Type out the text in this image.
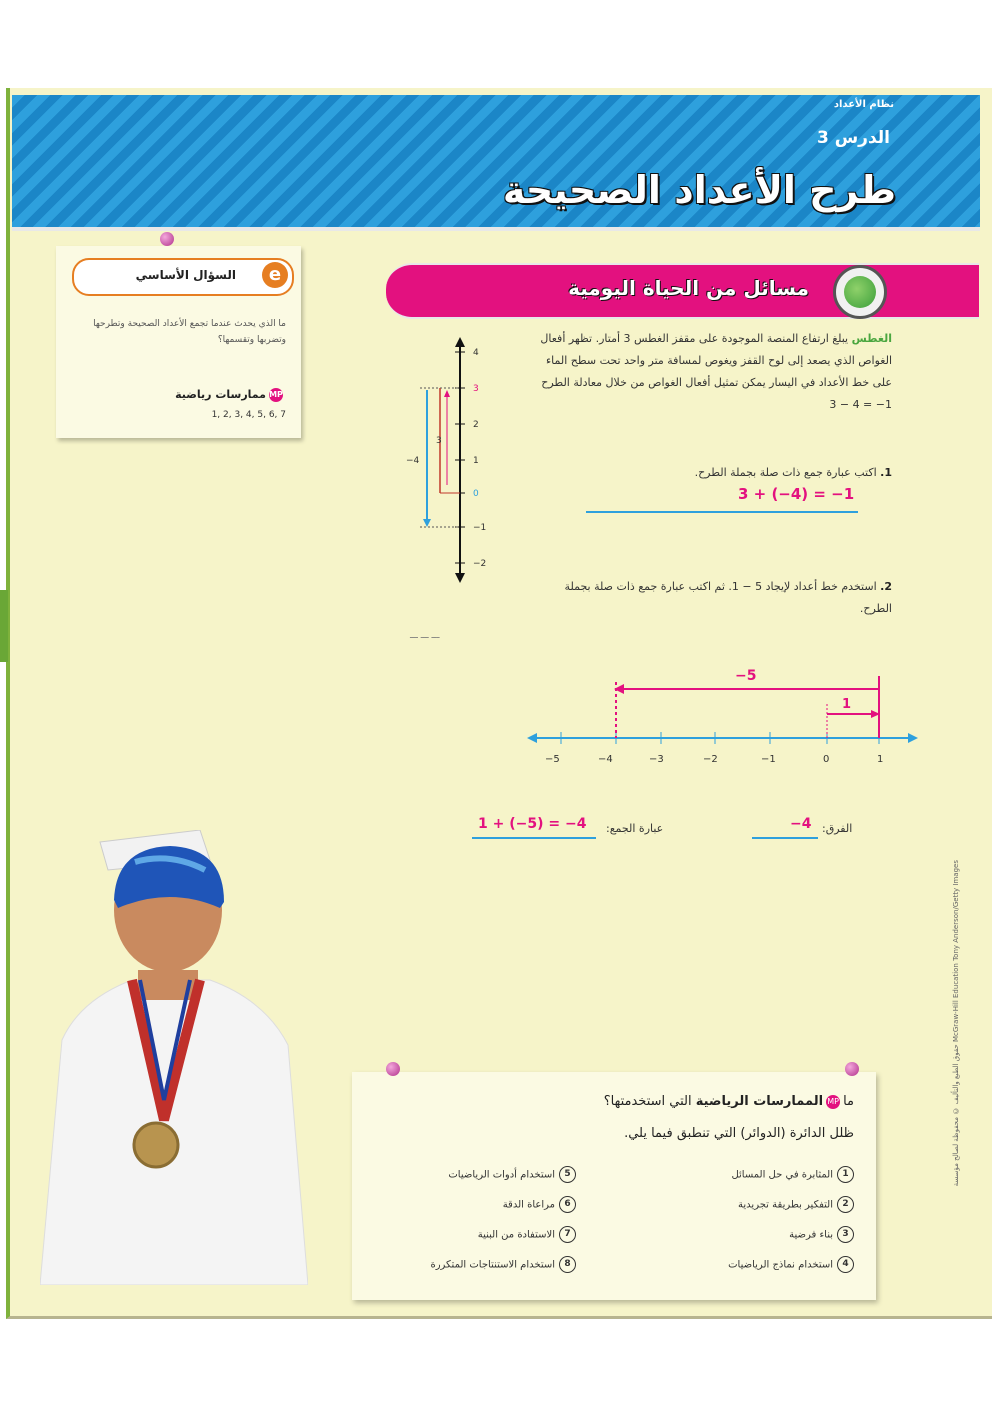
نظام الأعداد
الدرس 3
طرح الأعداد الصحيحة
e
السؤال الأساسي
ما الذي يحدث عندما تجمع الأعداد الصحيحة وتطرحها وتضربها وتقسمها؟
MPممارسات رياضية
1, 2, 3, 4, 5, 6, 7
مسائل من الحياة اليومية
الغطس يبلغ ارتفاع المنصة الموجودة على مقفز الغطس 3 أمتار. تظهر أفعال الغواص الذي يصعد إلى لوح القفز ويغوص لمسافة متر واحد تحت سطح الماء على خط الأعداد في اليسار يمكن تمثيل أفعال الغواص من خلال معادلة الطرح 1− = 4 − 3
4
3
2
1
0
−1
−2
3
−4
1. اكتب عبارة جمع ذات صلة بجملة الطرح.
3 + (−4) = −1
2. استخدم خط أعداد لإيجاد 5 − 1. ثم اكتب عبارة جمع ذات صلة بجملة الطرح.
ـــ ـــ ـــ
−5	−4	−3	−2	−1	0	1
−5
1
الفرق:
−4
عبارة الجمع:
1 + (−5) = −4
ماMPالممارسات الرياضية التي استخدمتها؟
ظلل الدائرة (الدوائر) التي تنطبق فيما يلي.
1المثابرة في حل المسائل
2التفكير بطريقة تجريدية
3بناء فرضية
4استخدام نماذج الرياضيات
5استخدام أدوات الرياضيات
6مراعاة الدقة
7الاستفادة من البنية
8استخدام الاستنتاجات المتكررة
حقوق الطبع والتأليف © محفوظة لصالح مؤسسة McGraw-Hill Education Tony Anderson/Getty Images
